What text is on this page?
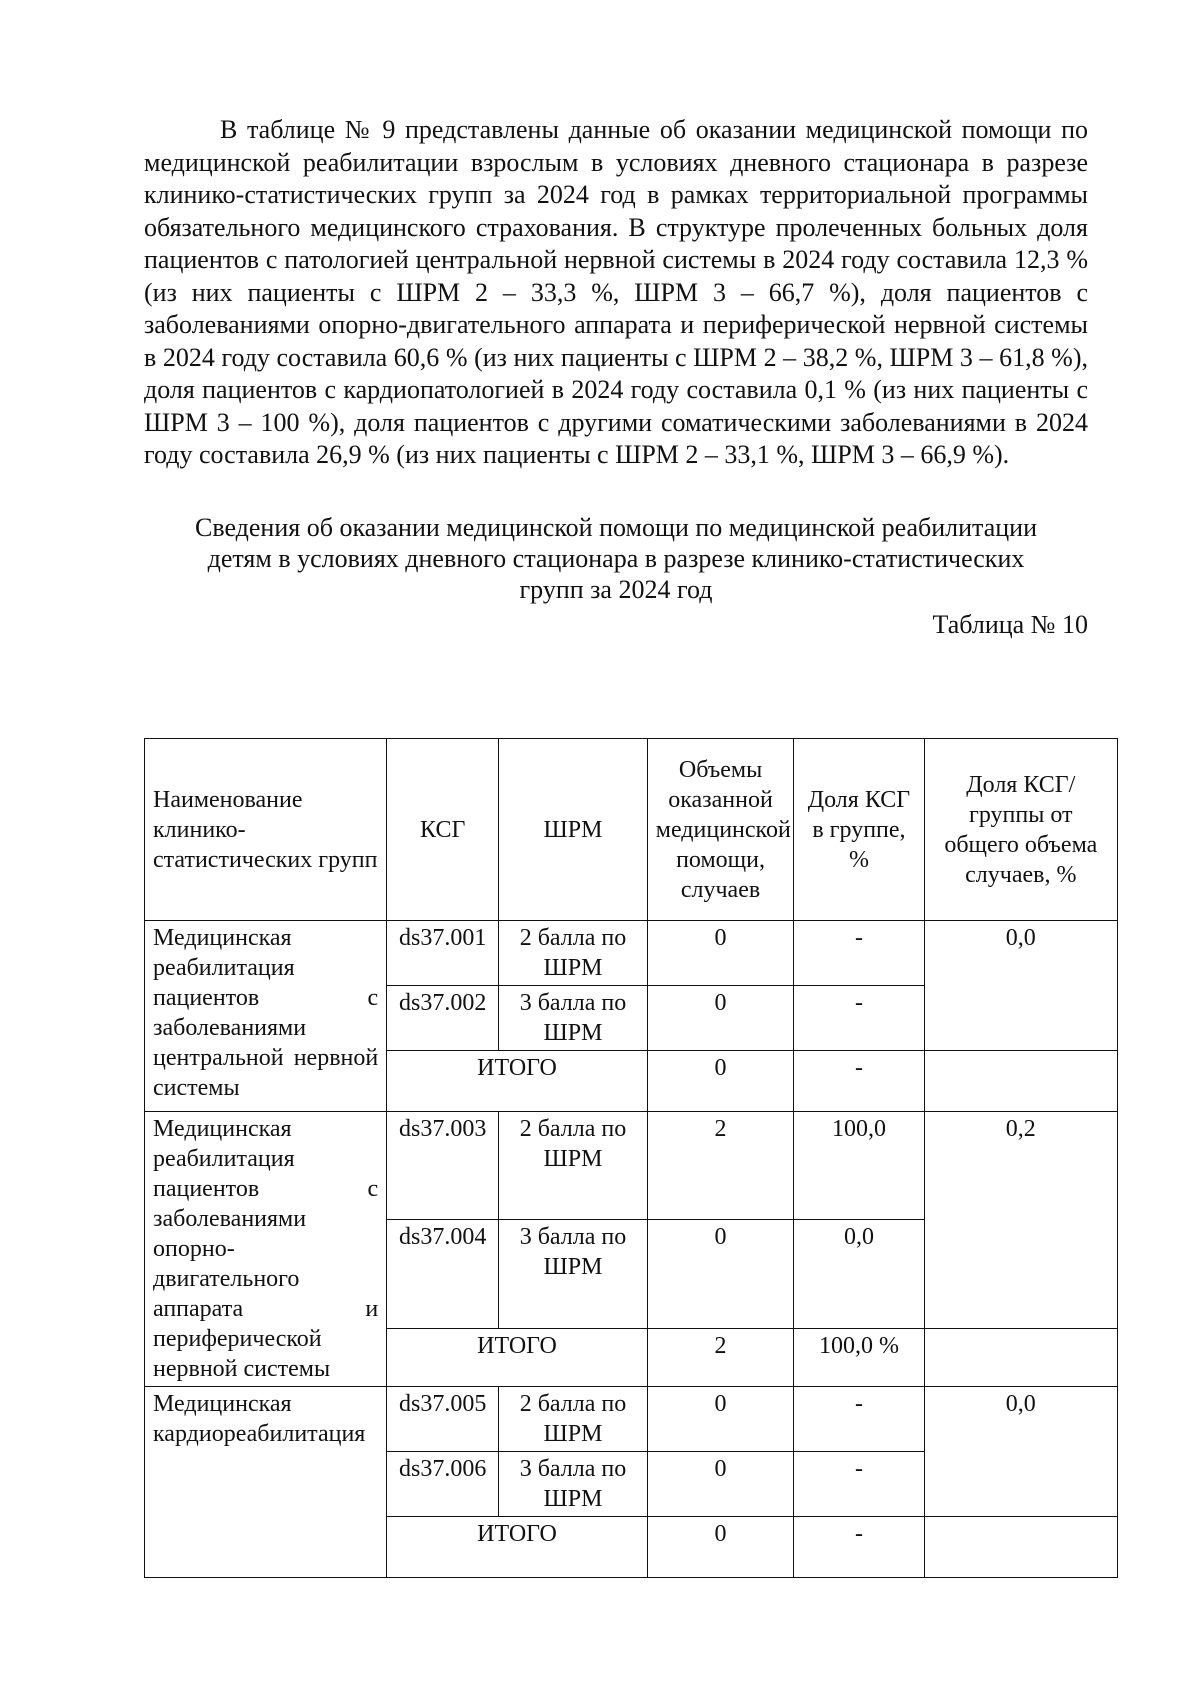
В таблице № 9 представлены данные об оказании медицинской помощи по медицинской реабилитации взрослым в условиях дневного стационара в разрезе клинико-статистических групп за 2024 год в рамках территориальной программы обязательного медицинского страхования. В структуре пролеченных больных доля пациентов с патологией центральной нервной системы в 2024 году составила 12,3 % (из них пациенты с ШРМ 2 – 33,3 %, ШРМ 3 – 66,7 %), доля пациентов с заболеваниями опорно-двигательного аппарата и периферической нервной системы в 2024 году составила 60,6 % (из них пациенты с ШРМ 2 – 38,2 %, ШРМ 3 – 61,8 %), доля пациентов с кардиопатологией в 2024 году составила 0,1 % (из них пациенты с ШРМ 3 – 100 %), доля пациентов с другими соматическими заболеваниями в 2024 году составила 26,9 % (из них пациенты с ШРМ 2 – 33,1 %, ШРМ 3 – 66,9 %).

Сведения об оказании медицинской помощи по медицинской реабилитации
детям в условиях дневного стационара в разрезе клинико-статистических
групп за 2024 год
Таблица № 10
Наименование клинико-статистических групп	КСГ	ШРМ	Объемы оказанной медицинской помощи, случаев	Доля КСГ в группе, %	Доля КСГ/ группы от общего объема случаев, %
Медицинская реабилитация пациентов с заболеваниями центральной нервной системы	ds37.001	2 балла по ШРМ	0	-	0,0
	ds37.002	3 балла по ШРМ	0	-	
	ИТОГО		0	-	
Медицинская реабилитация пациентов с заболеваниями опорно-двигательного аппарата и периферической нервной системы	ds37.003	2 балла по ШРМ	2	100,0	0,2
	ds37.004	3 балла по ШРМ	0	0,0	
	ИТОГО		2	100,0 %	
Медицинская кардиореабилитация	ds37.005	2 балла по ШРМ	0	-	0,0
	ds37.006	3 балла по ШРМ	0	-	
	ИТОГО		0	-	
